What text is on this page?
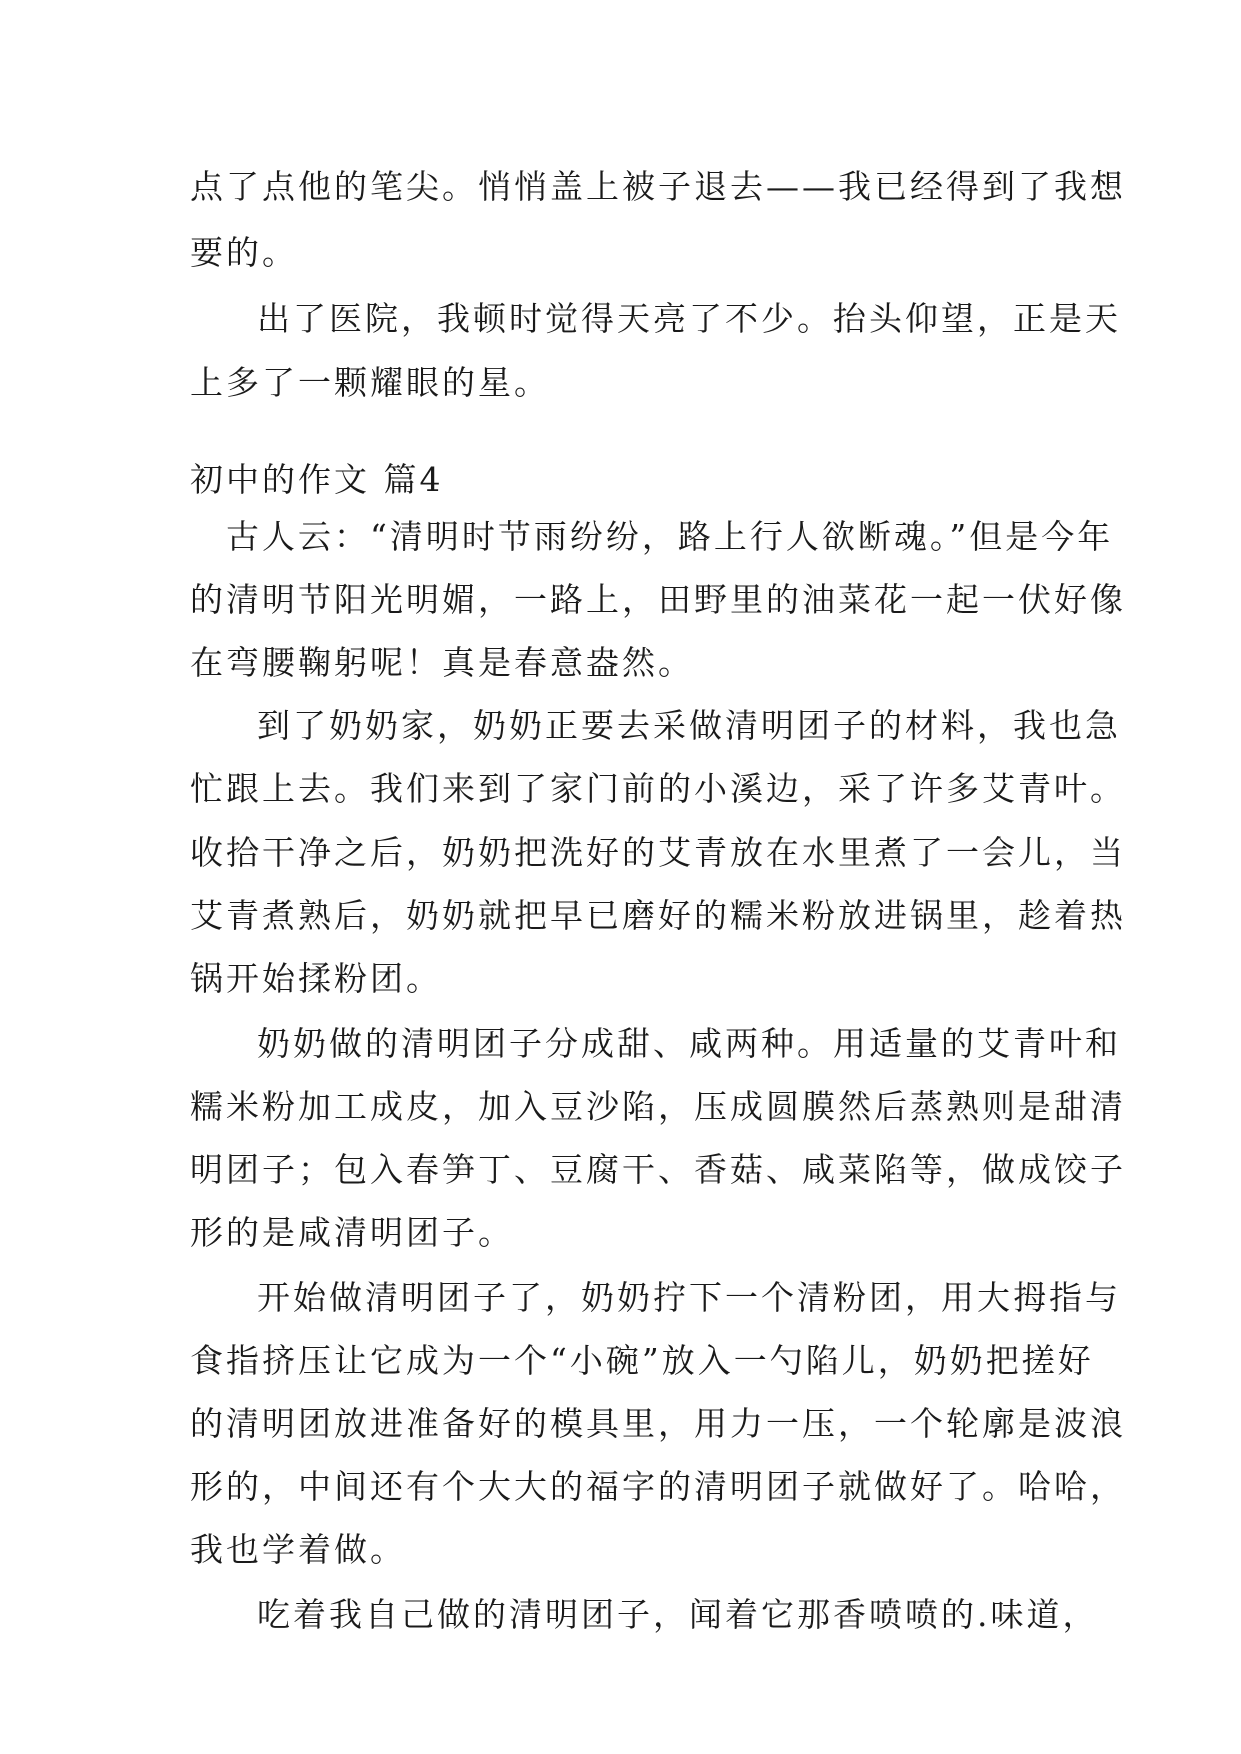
点了点他的笔尖。悄悄盖上被子退去——我已经得到了我想
要的。
出了医院，我顿时觉得天亮了不少。抬头仰望，正是天
上多了一颗耀眼的星。
初中的作文 篇4
古人云：“清明时节雨纷纷，路上行人欲断魂。”但是今年
的清明节阳光明媚，一路上，田野里的油菜花一起一伏好像
在弯腰鞠躬呢！真是春意盎然。
到了奶奶家，奶奶正要去采做清明团子的材料，我也急
忙跟上去。我们来到了家门前的小溪边，采了许多艾青叶。
收拾干净之后，奶奶把洗好的艾青放在水里煮了一会儿，当
艾青煮熟后，奶奶就把早已磨好的糯米粉放进锅里，趁着热
锅开始揉粉团。
奶奶做的清明团子分成甜、咸两种。用适量的艾青叶和
糯米粉加工成皮，加入豆沙陷，压成圆膜然后蒸熟则是甜清
明团子；包入春笋丁、豆腐干、香菇、咸菜陷等，做成饺子
形的是咸清明团子。
开始做清明团子了，奶奶拧下一个清粉团，用大拇指与
食指挤压让它成为一个“小碗”放入一勺陷儿，奶奶把搓好
的清明团放进准备好的模具里，用力一压，一个轮廓是波浪
形的，中间还有个大大的福字的清明团子就做好了。哈哈，
我也学着做。
吃着我自己做的清明团子，闻着它那香喷喷的.味道，
